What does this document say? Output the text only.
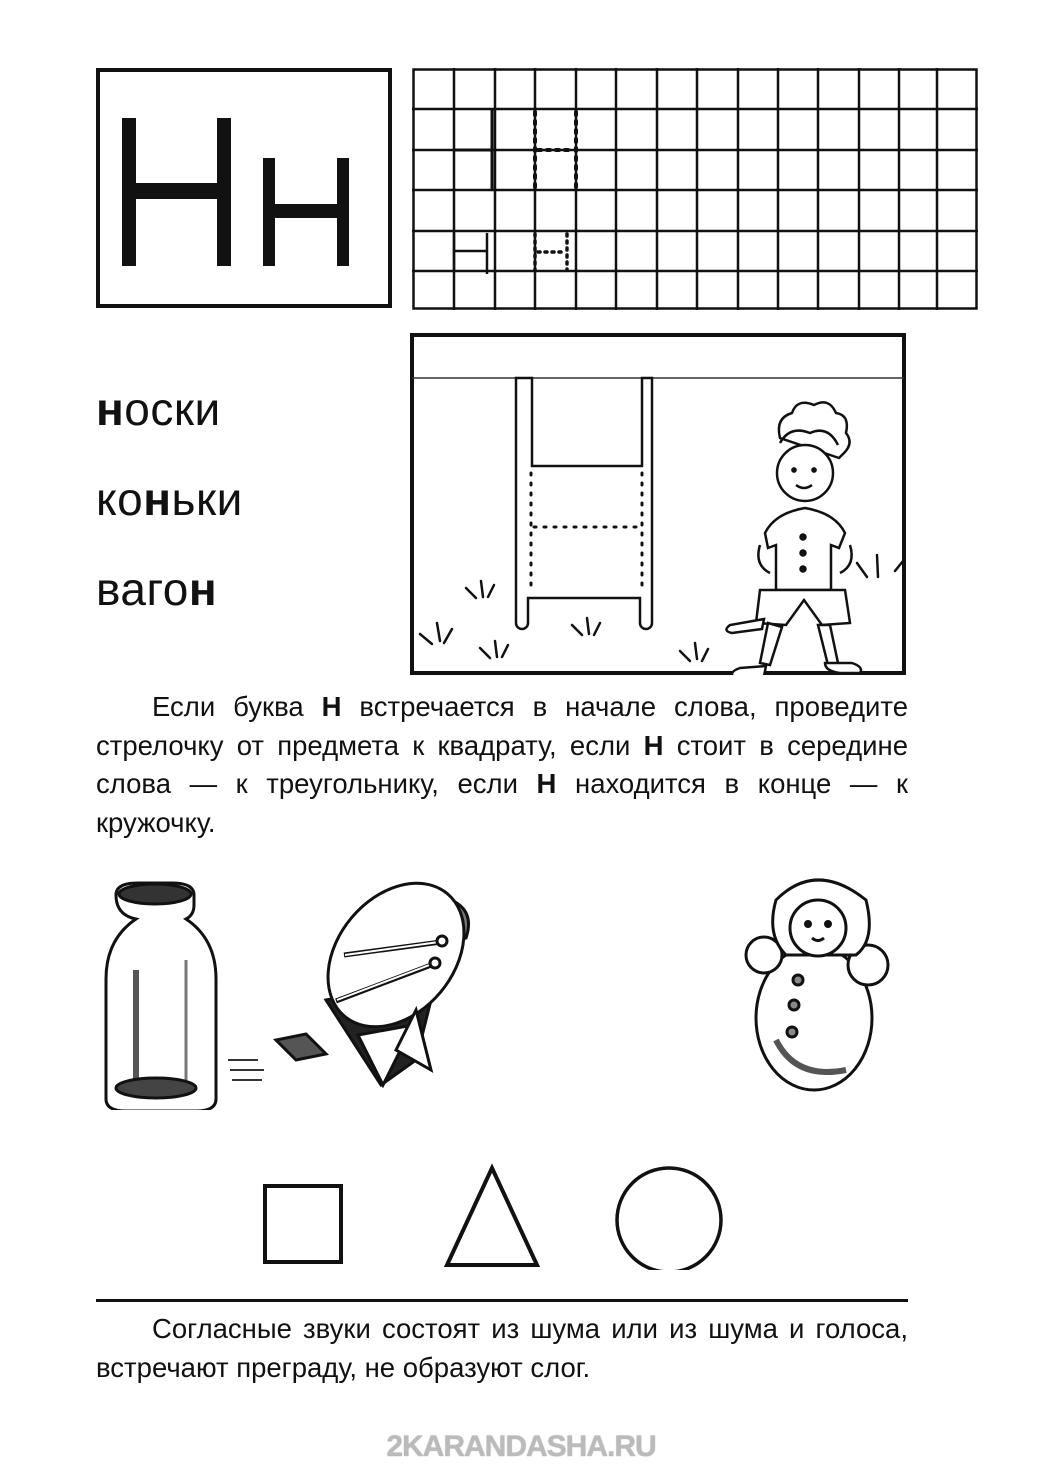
носки
коньки
вагон

Если буква Н встречается в начале слова, проведите стрелочку от предмета к квадрату, если Н стоит в середине слова — к треугольнику, если Н находится в конце — к кружочку.

Согласные звуки состоят из шума или из шума и голоса, встречают преграду, не образуют слог.

2KARANDASHA.RU
